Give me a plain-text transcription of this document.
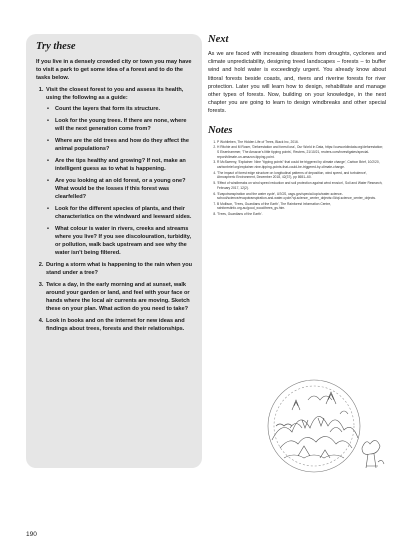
Try these

If you live in a densely crowded city or town you may have to visit a park to get some idea of a forest and to do the tasks below.

1. Visit the closest forest to you and assess its health, using the following as a guide:
• Count the layers that form its structure.
• Look for the young trees. If there are none, where will the next generation come from?
• Where are the old trees and how do they affect the animal populations?
• Are the tips healthy and growing? If not, make an intelligent guess as to what is happening.
• Are you looking at an old forest, or a young one? What would be the losses if this forest was clearfelled?
• Look for the different species of plants, and their characteristics on the windward and leeward sides.
• What colour is water in rivers, creeks and streams where you live? If you see discolouration, turbidity, or pollution, walk back upstream and see why the water isn't being filtered.
2. During a storm what is happening to the rain when you stand under a tree?
3. Twice a day, in the early morning and at sunset, walk around your garden or land, and feel with your face or hands where the local air currents are moving. Sketch these on your plan. What action do you need to take?
4. Look in books and on the internet for new ideas and findings about trees, forests and their relationships.
Next

As we are faced with increasing disasters from droughts, cyclones and climate unpredictability, designing treed landscapes – forests – to buffer wind and hold water is exceedingly urgent. You already know about littoral forests beside coasts, and, rivers and riverine forests for river protection. Later you will learn how to design, rehabilitate and manage other types of forests. Now, building on your knowledge, in the next chapter you are going to learn to design windbreaks and other special forests.

Notes
1. P Wohlleben, The Hidden Life of Trees, Black Inc, 2016.
2. H Ritchie and M Roser, 'Deforestation and forest loss', Our World in Data, https://ourworldindata.org/deforestation; S Eisenhammer, 'The Amazon's little tipping points', Reuters, 21/10/21, reuters.com/investigates/special-report/climate-un-amazon-tipping-point.
3. R McSweeny, 'Explainer: Nine "tipping points" that could be triggered by climate change', Carbon Brief, 10/2/20, carbonbrief.org/explainer-nine-tipping-points-that-could-be-triggered-by-climate-change.
4. 'The impact of forest edge structure on longitudinal patterns of deposition, wind speed, and turbulence', Atmospheric Environment, December 2018, 42(37), pp 8651–60.
5. 'Effect of windbreaks on wind speed reduction and soil protection against wind erosion', Soil and Water Research, February 2017, 12(2).
6. 'Evapotranspiration and the water cycle', USGS, usgs.gov/special-topic/water-science-school/science/evapotranspiration-and-water-cycle?qt-science_center_objects=0#qt-science_center_objects.
7. B Mollison, 'Trees, Guardians of the Earth', The Rainforest Information Centre, rainforestinfo.org.au/good_wood/trees_gs.htm.
8. 'Trees, Guardians of the Earth'.
190
